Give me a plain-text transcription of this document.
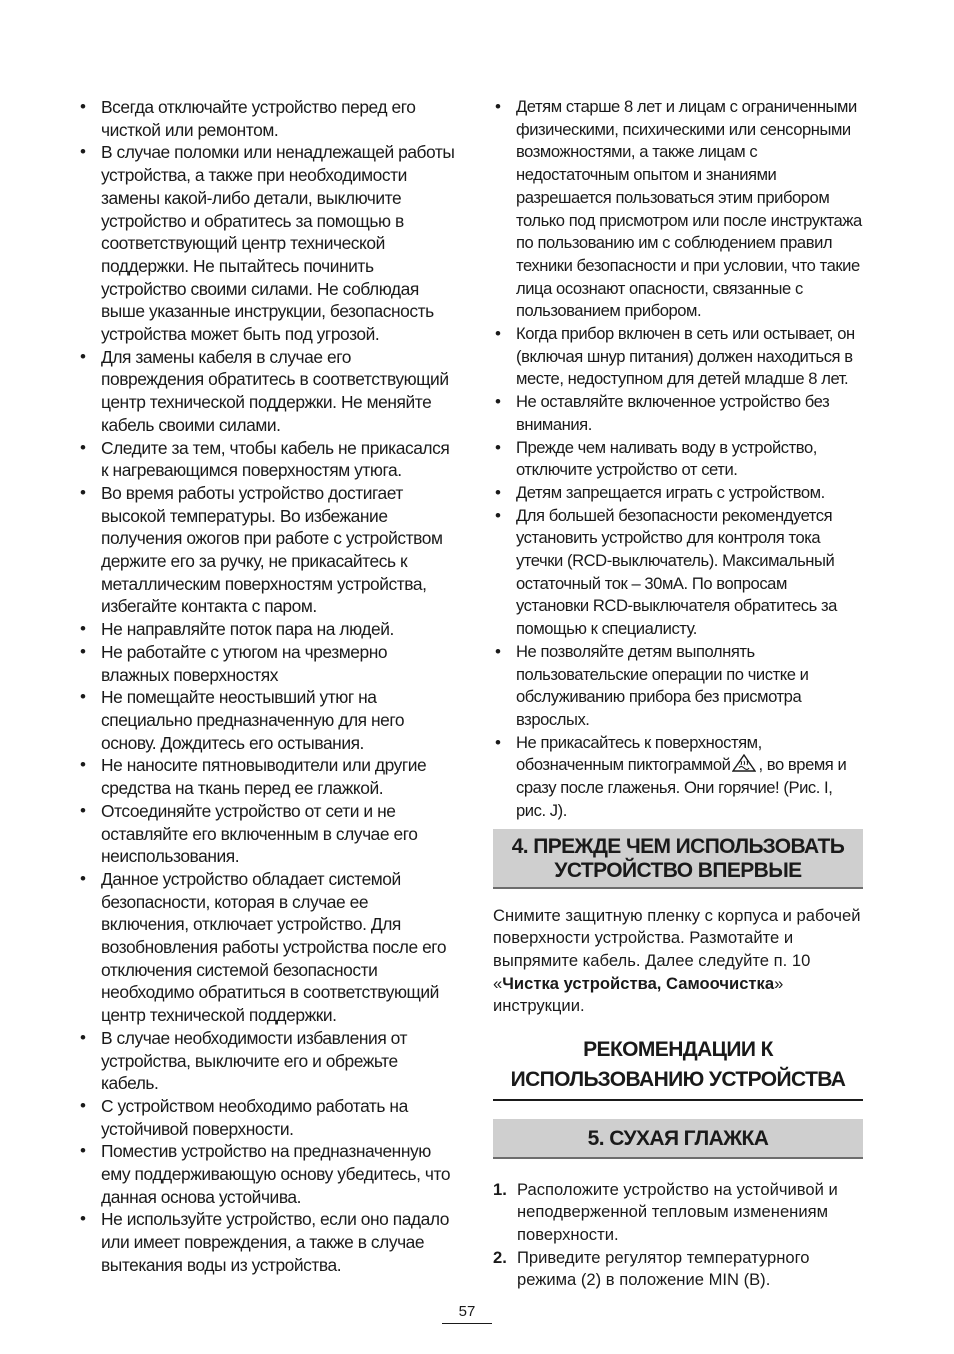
• Всегда отключайте устройство перед его чисткой или ремонтом.
• В случае поломки или ненадлежащей работы устройства, а также при необходимости замены какой-либо детали, выключите устройство и обратитесь за помощью в соответствующий центр технической поддержки. Не пытайтесь починить устройство своими силами. Не соблюдая выше указанные инструкции, безопасность устройства может быть под угрозой.
• Для замены кабеля в случае его повреждения обратитесь в соответствующий центр технической поддержки. Не меняйте кабель своими силами.
• Следите за тем, чтобы кабель не прикасался к нагревающимся поверхностям утюга.
• Во время работы устройство достигает высокой температуры. Во избежание получения ожогов при работе с устройством держите его за ручку, не прикасайтесь к металлическим поверхностям устройства, избегайте контакта с паром.
• Не направляйте поток пара на людей.
• Не работайте с утюгом на чрезмерно влажных поверхностях
• Не помещайте неостывший утюг на специально предназначенную для него основу. Дождитесь его остывания.
• Не наносите пятновыводители или другие средства на ткань перед ее глажкой.
• Отсоединяйте устройство от сети и не оставляйте его включенным в случае его неиспользования.
• Данное устройство обладает системой безопасности, которая в случае ее включения, отключает устройство. Для возобновления работы устройства после его отключения системой безопасности необходимо обратиться в соответствующий центр технической поддержки.
• В случае необходимости избавления от устройства, выключите его и обрежьте кабель.
• С устройством необходимо работать на устойчивой поверхности.
• Поместив устройство на предназначенную ему поддерживающую основу убедитесь, что данная основа устойчива.
• Не используйте устройство, если оно падало или имеет повреждения, а также в случае вытекания воды из устройства.
• Детям старше 8 лет и лицам с ограниченными физическими, психическими или сенсорными возможностями, а также лицам с недостаточным опытом и знаниями разрешается пользоваться этим прибором только под присмотром или после инструктажа по пользованию им с соблюдением правил техники безопасности и при условии, что такие лица осознают опасности, связанные с пользованием прибором.
• Когда прибор включен в сеть или остывает, он (включая шнур питания) должен находиться в месте, недоступном для детей младше 8 лет.
• Не оставляйте включенное устройство без внимания.
• Прежде чем наливать воду в устройство, отключите устройство от сети.
• Детям запрещается играть с устройством.
• Для большей безопасности рекомендуется установить устройство для контроля тока утечки (RCD-выключатель). Максимальный остаточный ток – 30мА. По вопросам установки RCD-выключателя обратитесь за помощью к специалисту.
• Не позволяйте детям выполнять пользовательские операции по чистке и обслуживанию прибора без присмотра взрослых.
• Не прикасайтесь к поверхностям, обозначенным пиктограммой , во время и сразу после глаженья. Они горячие! (Рис. I, рис. J).
4. ПРЕЖДЕ ЧЕМ ИСПОЛЬЗОВАТЬ
УСТРОЙСТВО ВПЕРВЫЕ

Снимите защитную пленку с корпуса и рабочей поверхности устройства. Размотайте и выпрямите кабель. Далее следуйте п. 10 «Чистка устройства, Самоочистка» инструкции.

РЕКОМЕНДАЦИИ К
ИСПОЛЬЗОВАНИЮ УСТРОЙСТВА
5. СУХАЯ ГЛАЖКА
1. Расположите устройство на устойчивой и неподверженной тепловым изменениям поверхности.
2. Приведите регулятор температурного режима (2) в положение MIN (B).
57
